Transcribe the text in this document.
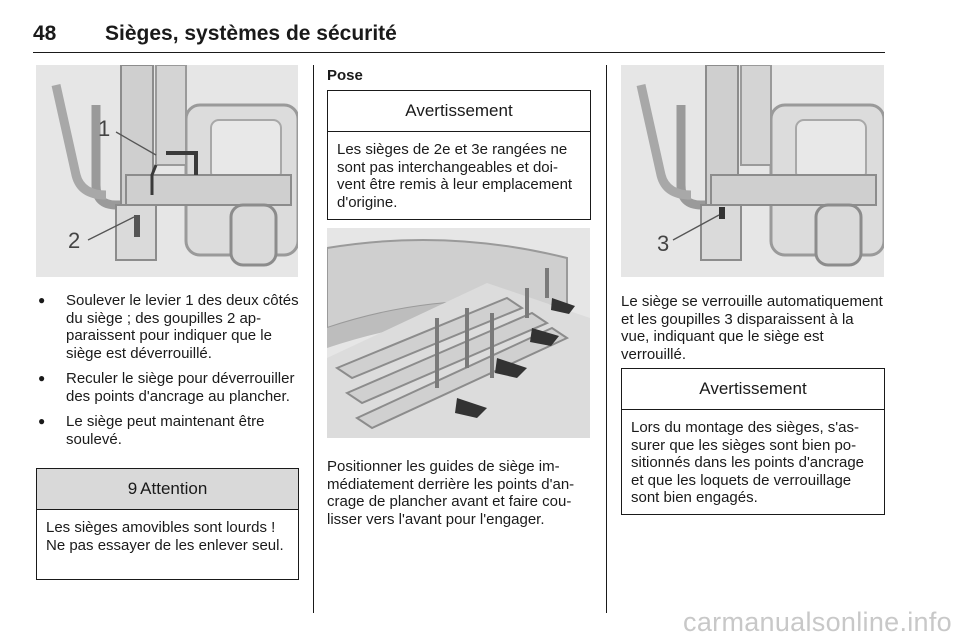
48 Sièges, systèmes de sécurité
1
2
● Soulever le levier 1 des deux côtés du siège ; des goupilles 2 apparaissent pour indiquer que le siège est déverrouillé.
● Reculer le siège pour déverrouiller des points d'ancrage au plancher.
● Le siège peut maintenant être soulevé.
9 Attention
Les sièges amovibles sont lourds ! Ne pas essayer de les enlever seul.
Pose
Avertissement
Les sièges de 2e et 3e rangées ne sont pas interchangeables et doivent être remis à leur emplacement d'origine.

Positionner les guides de siège immédiatement derrière les points d'ancrage de plancher avant et faire coulisser vers l'avant pour l'engager.

3

Le siège se verrouille automatiquement et les goupilles 3 disparaissent à la vue, indiquant que le siège est verrouillé.

Avertissement
Lors du montage des sièges, s'assurer que les sièges sont bien positionnés dans les points d'ancrage et que les loquets de verrouillage sont bien engagés.
carmanualsonline.info
